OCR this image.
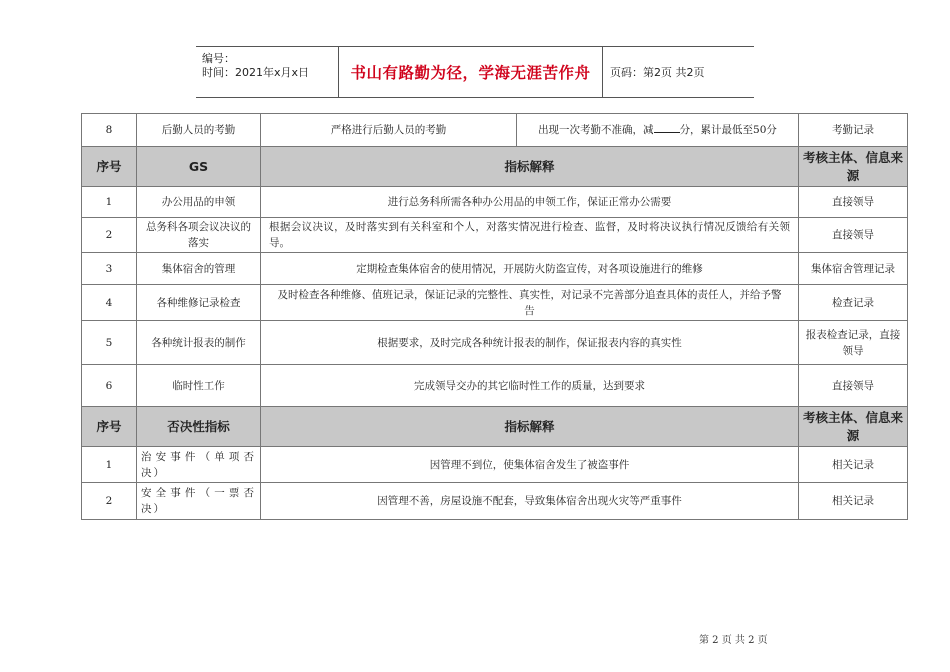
编号：
时间：2021年x月x日	书山有路勤为径，学海无涯苦作舟	页码：第2页 共2页
8	后勤人员的考勤	严格进行后勤人员的考勤	出现一次考勤不准确，减 分，累计最低至50分	考勤记录
序号	GS	指标解释		考核主体、信息来源
1	办公用品的申领	进行总务科所需各种办公用品的申领工作，保证正常办公需要		直接领导
2	总务科各项会议决议的落实	根据会议决议，及时落实到有关科室和个人，对落实情况进行检查、监督，及时将决议执行情况反馈给有关领导。		直接领导
3	集体宿舍的管理	定期检查集体宿舍的使用情况，开展防火防盗宣传，对各项设施进行的维修		集体宿舍管理记录
4	各种维修记录检查	及时检查各种维修、值班记录，保证记录的完整性、真实性，对记录不完善部分追查具体的责任人，并给予警告		检查记录
5	各种统计报表的制作	根据要求，及时完成各种统计报表的制作，保证报表内容的真实性		报表检查记录，直接领导
6	临时性工作	完成领导交办的其它临时性工作的质量，达到要求		直接领导
序号	否决性指标	指标解释		考核主体、信息来源
1	治安事件（单项否决）	因管理不到位，使集体宿舍发生了被盗事件		相关记录
2	安全事件（一票否决）	因管理不善，房屋设施不配套，导致集体宿舍出现火灾等严重事件		相关记录
第 2 页 共 2 页
